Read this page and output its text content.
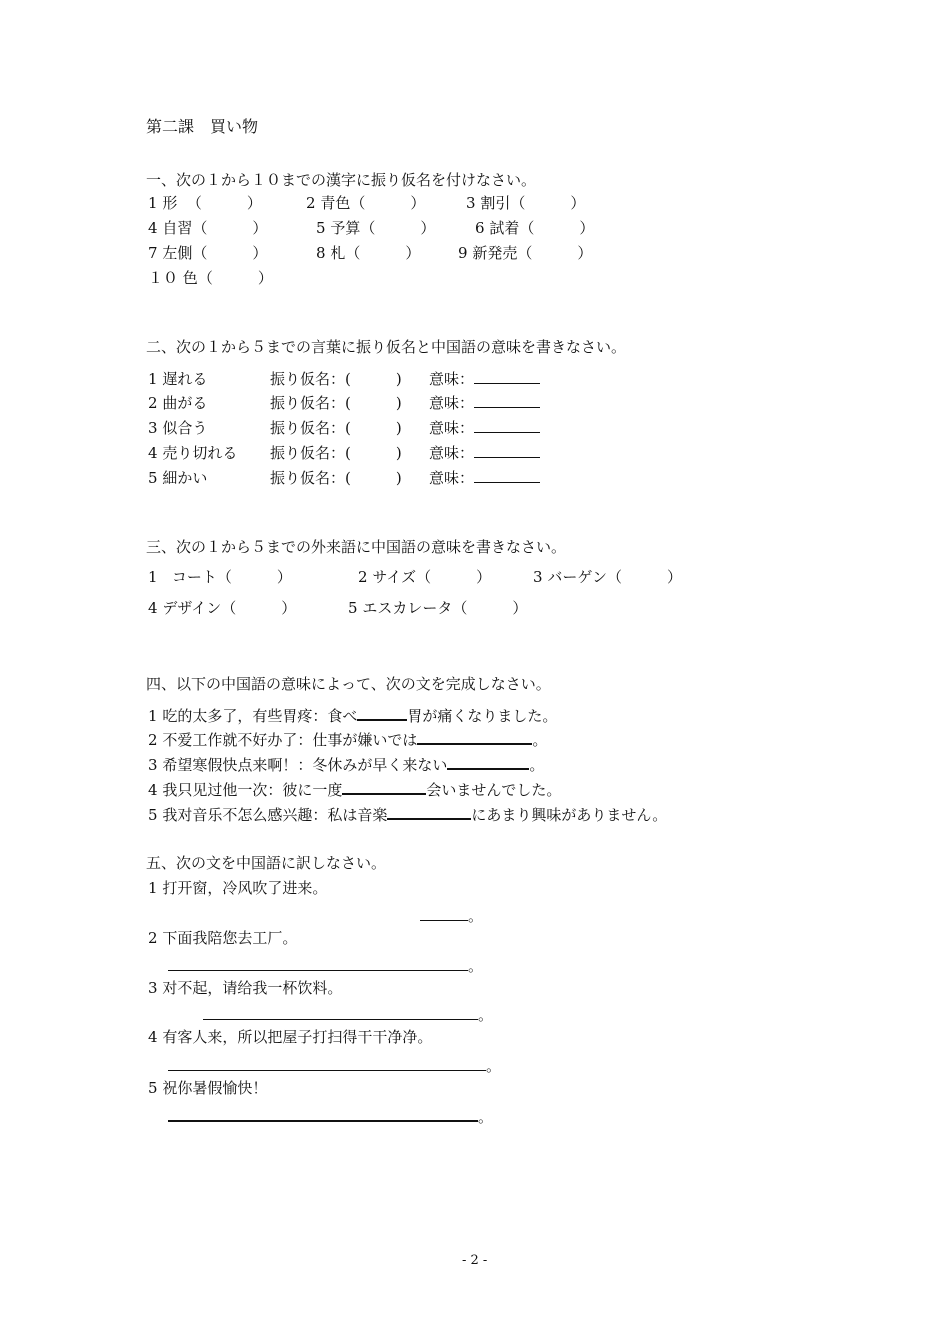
第二課　買い物
一、次の１から１０までの漢字に振り仮名を付けなさい。
1 形 （　　　）	2 青色（　　　）	3 割引（　　　）
4 自習（　　　）	5 予算（　　　）	6 試着（　　　）
7 左側（　　　）	8 札（　　　）	9 新発売（　　　）
１０ 色（　　　）
二、次の１から５までの言葉に振り仮名と中国語の意味を書きなさい。
1 遅れる	振り仮名：(　　　) 意味：
2 曲がる	振り仮名：(　　　) 意味：
3 似合う	振り仮名：(　　　) 意味：
4 売り切れる 振り仮名：(　　　) 意味：
5 細かい	振り仮名：(　　　) 意味：
三、次の１から５までの外来語に中国語の意味を書きなさい。
1 コート（　　　）	2 サイズ（　　　）	3 バーゲン（　　　）
4 デザイン（　　　）	5 エスカレータ（　　　）
四、以下の中国語の意味によって、次の文を完成しなさい。
1 吃的太多了，有些胃疼：食べ	胃が痛くなりました。
2 不爱工作就不好办了：仕事が嫌いでは	。
3 希望寒假快点来啊！：冬休みが早く来ない	。
4 我只见过他一次：彼に一度	会いませんでした。
5 我对音乐不怎么感兴趣：私は音楽	にあまり興味がありません。
五、次の文を中国語に訳しなさい。
1 打开窗，冷风吹了进来。
。
2 下面我陪您去工厂。
。
3 对不起，请给我一杯饮料。
。
4 有客人来，所以把屋子打扫得干干净净。
。
5 祝你暑假愉快！
。
- 2 -
